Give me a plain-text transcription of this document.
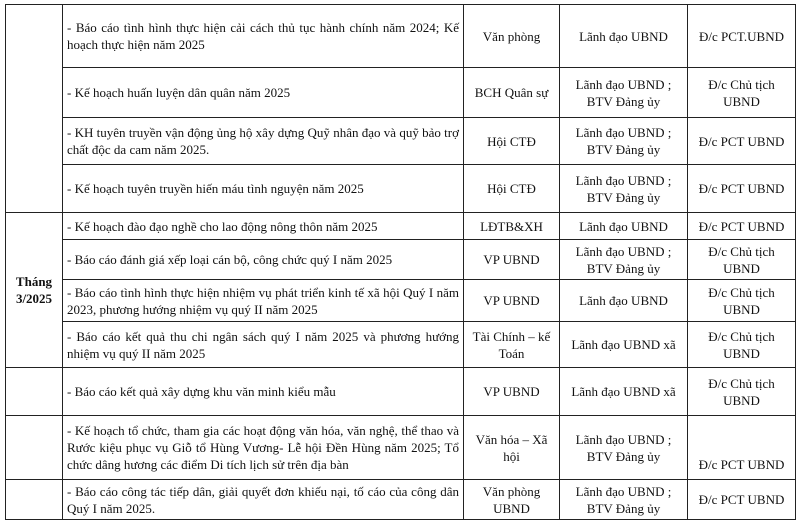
	- Báo cáo tình hình thực hiện cải cách thủ tục hành chính năm 2024; Kế hoạch thực hiện năm 2025	Văn phòng	Lãnh đạo UBND	Đ/c PCT.UBND
	- Kế hoạch huấn luyện dân quân năm 2025	BCH Quân sự	Lãnh đạo UBND ; BTV Đảng ủy	Đ/c Chủ tịch UBND
	- KH tuyên truyền vận động ủng hộ xây dựng Quỹ nhân đạo và quỹ bảo trợ chất độc da cam năm 2025.	Hội CTĐ	Lãnh đạo UBND ; BTV Đảng ủy	Đ/c PCT UBND
	- Kế hoạch tuyên truyền hiến máu tình nguyện năm 2025	Hội CTĐ	Lãnh đạo UBND ; BTV Đảng ủy	Đ/c PCT UBND
Tháng 3/2025	- Kế hoạch đào đạo nghề cho lao động nông thôn năm 2025	LĐTB&XH	Lãnh đạo UBND	Đ/c PCT UBND
	- Báo cáo đánh giá xếp loại cán bộ, công chức quý I năm 2025	VP UBND	Lãnh đạo UBND ; BTV Đảng ủy	Đ/c Chủ tịch UBND
	- Báo cáo tình hình thực hiện nhiệm vụ phát triển kinh tế xã hội Quý I năm 2023, phương hướng nhiệm vụ quý II năm 2025	VP UBND	Lãnh đạo UBND	Đ/c Chủ tịch UBND
	- Báo cáo kết quả thu chi ngân sách quý I năm 2025 và phương hướng nhiệm vụ quý II năm 2025	Tài Chính – kế Toán	Lãnh đạo UBND xã	Đ/c Chủ tịch UBND
	- Báo cáo kết quả xây dựng khu văn minh kiểu mẫu	VP UBND	Lãnh đạo UBND xã	Đ/c Chủ tịch UBND
	- Kế hoạch tổ chức, tham gia các hoạt động văn hóa, văn nghệ, thể thao và Rước kiệu phục vụ Giỗ tổ Hùng Vương- Lễ hội Đền Hùng năm 2025; Tổ chức dâng hương các điểm Di tích lịch sử trên địa bàn	Văn hóa – Xã hội	Lãnh đạo UBND ; BTV Đảng ủy	Đ/c PCT UBND
	- Báo cáo công tác tiếp dân, giải quyết đơn khiếu nại, tố cáo của công dân Quý I năm 2025.	Văn phòng UBND	Lãnh đạo UBND ; BTV Đảng ủy	Đ/c PCT UBND
